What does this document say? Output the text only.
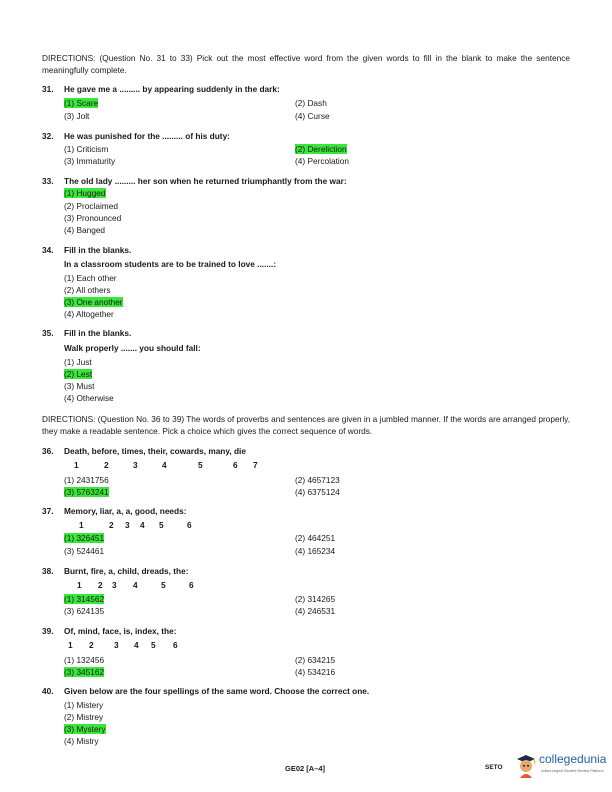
DIRECTIONS: (Question No. 31 to 33) Pick out the most effective word from the given words to fill in the blank to make the sentence meaningfully complete.
31. He gave me a ......... by appearing suddenly in the dark:
(1) Scare	(2) Dash
(3) Jolt	(4) Curse
32. He was punished for the ......... of his duty:
(1) Criticism	(2) Dereliction
(3) Immaturity	(4) Percolation
33. The old lady ......... her son when he returned triumphantly from the war:
(1) Hugged
(2) Proclaimed
(3) Pronounced
(4) Banged
34. Fill in the blanks.
In a classroom students are to be trained to love .......:
(1) Each other
(2) All others
(3) One another
(4) Altogether
35. Fill in the blanks.
Walk properly ....... you should fall:
(1) Just
(2) Lest
(3) Must
(4) Otherwise
DIRECTIONS: (Question No. 36 to 39) The words of proverbs and sentences are given in a jumbled manner. If the words are arranged properly, they make a readable sentence. Pick a choice which gives the correct sequence of words.
36. Death, before, times, their, cowards, many, die
1	2	3	4	5	6 7
(1) 2431756	(2) 4657123
(3) 5763241	(4) 6375124
37. Memory, liar, a, a, good, needs:
1	2 3 4 5	6
(1) 326451	(2) 464251
(3) 524461	(4) 165234
38. Burnt, fire, a, child, dreads, the:
1 2 3 4	5	6
(1) 314562	(2) 314265
(3) 624135	(4) 246531
39. Of, mind, face, is, index, the:
1 2 3 4 5 6
(1) 132456	(2) 634215
(3) 345162	(4) 534216
40. Given below are the four spellings of the same word. Choose the correct one.
(1) Mistery
(2) Mistrey
(3) Mystery
(4) Mistry
GE02 [A–4]	SETO
collegedunia
India's largest Student Review Platform
